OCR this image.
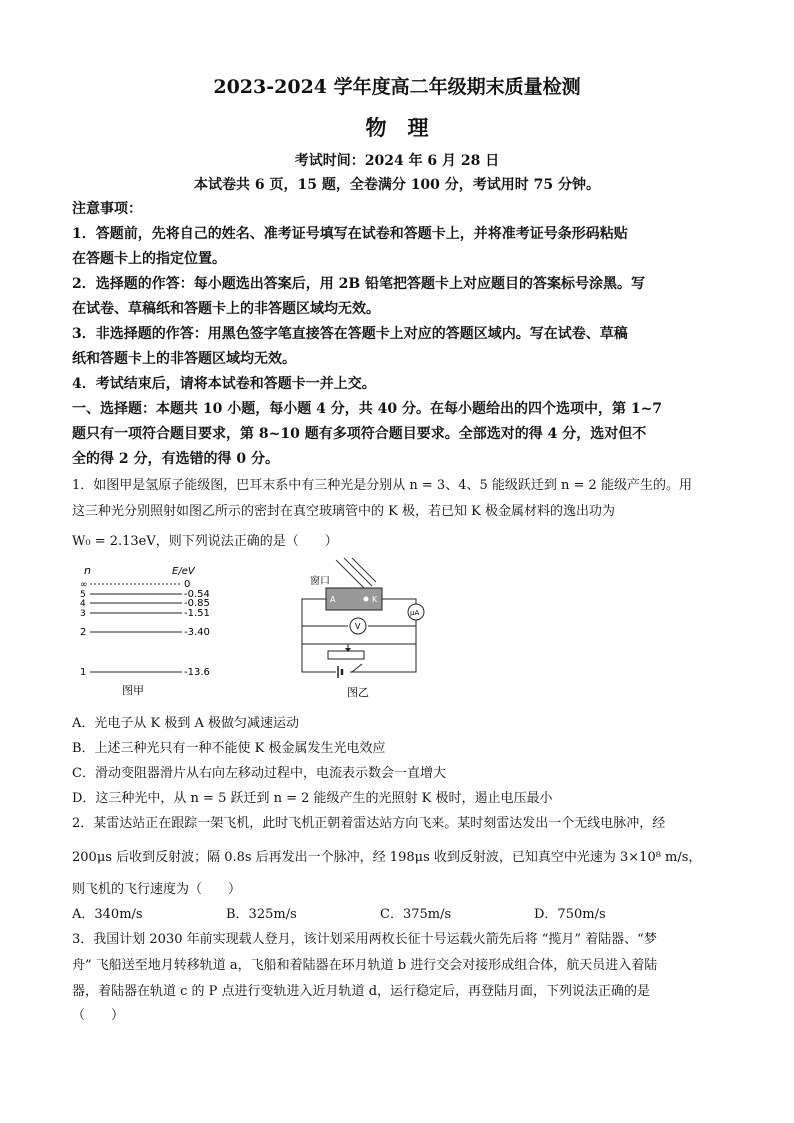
2023-2024 学年度高二年级期末质量检测
物　理
考试时间：2024 年 6 月 28 日
本试卷共 6 页，15 题，全卷满分 100 分，考试用时 75 分钟。
注意事项：
1．答题前，先将自己的姓名、准考证号填写在试卷和答题卡上，并将准考证号条形码粘贴
在答题卡上的指定位置。
2．选择题的作答：每小题选出答案后，用 2B 铅笔把答题卡上对应题目的答案标号涂黑。写
在试卷、草稿纸和答题卡上的非答题区域均无效。
3．非选择题的作答：用黑色签字笔直接答在答题卡上对应的答题区域内。写在试卷、草稿
纸和答题卡上的非答题区域均无效。
4．考试结束后，请将本试卷和答题卡一并上交。
一、选择题：本题共 10 小题，每小题 4 分，共 40 分。在每小题给出的四个选项中，第 1~7
题只有一项符合题目要求，第 8~10 题有多项符合题目要求。全部选对的得 4 分，选对但不
全的得 2 分，有选错的得 0 分。
1．如图甲是氢原子能级图，巴耳末系中有三种光是分别从 n = 3、4、5 能级跃迁到 n = 2 能级产生的。用
这三种光分别照射如图乙所示的密封在真空玻璃管中的 K 极，若已知 K 极金属材料的逸出功为
W₀ = 2.13eV，则下列说法正确的是（　　）
n	E/eV
∞	0
5	-0.54
4	-0.85
3	-1.51
2	-3.40
1	-13.6
图甲
窗口
A	K
μA
V
图乙
A．光电子从 K 极到 A 极做匀减速运动
B．上述三种光只有一种不能使 K 极金属发生光电效应
C．滑动变阻器滑片从右向左移动过程中，电流表示数会一直增大
D．这三种光中，从 n = 5 跃迁到 n = 2 能级产生的光照射 K 极时，遏止电压最小
2．某雷达站正在跟踪一架飞机，此时飞机正朝着雷达站方向飞来。某时刻雷达发出一个无线电脉冲，经
200μs 后收到反射波；隔 0.8s 后再发出一个脉冲，经 198μs 收到反射波，已知真空中光速为 3×10⁸ m/s，
则飞机的飞行速度为（　　）
A．340m/s	B．325m/s	C．375m/s	D．750m/s
3．我国计划 2030 年前实现载人登月，该计划采用两枚长征十号运载火箭先后将 “揽月” 着陆器、“梦
舟” 飞船送至地月转移轨道 a，飞船和着陆器在环月轨道 b 进行交会对接形成组合体，航天员进入着陆
器，着陆器在轨道 c 的 P 点进行变轨进入近月轨道 d，运行稳定后，再登陆月面，下列说法正确的是
（　　）
